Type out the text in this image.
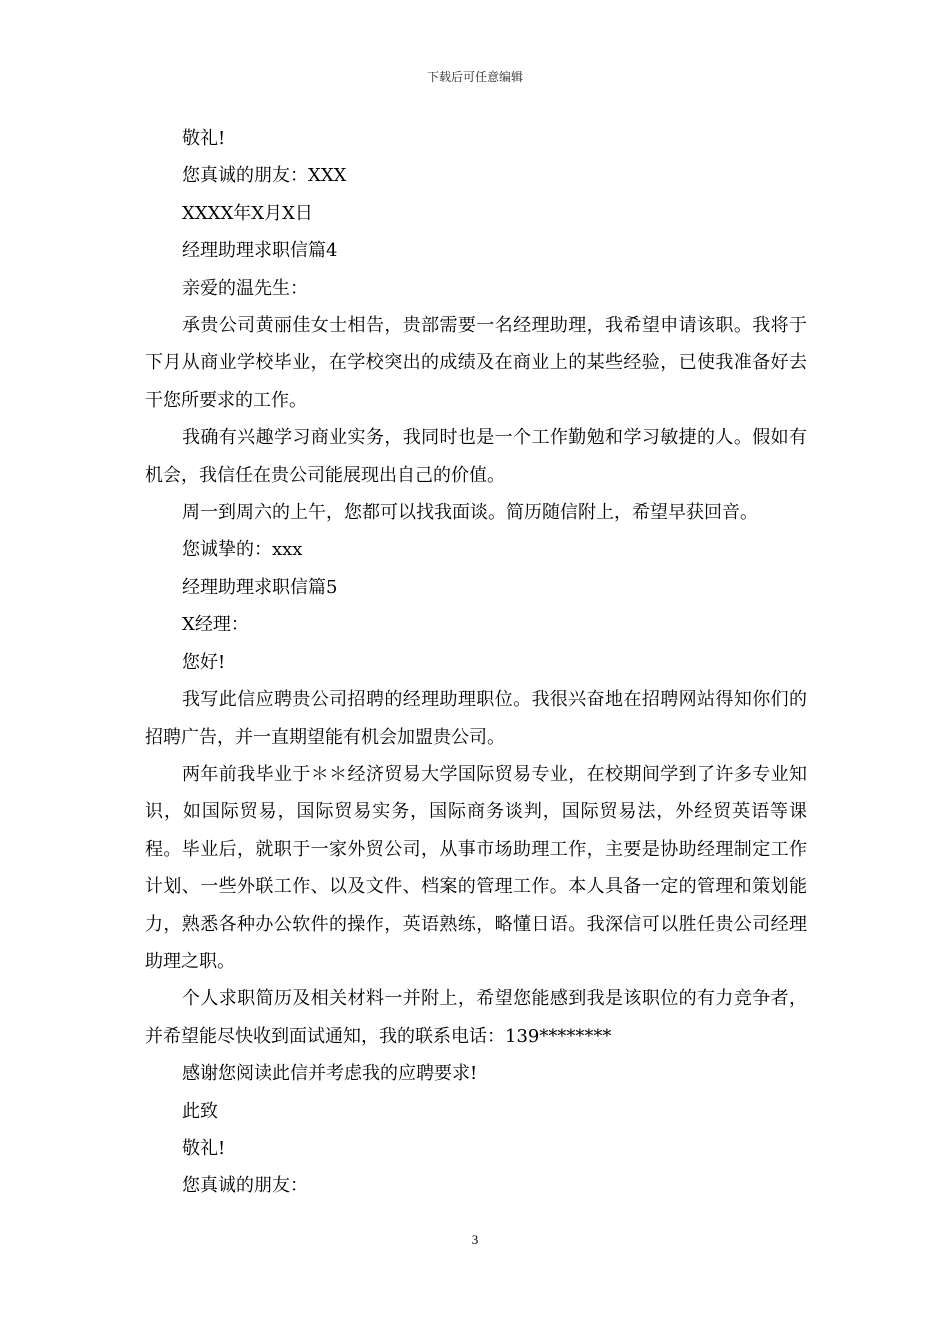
下载后可任意编辑

敬礼!

您真诚的朋友：XXX

XXXX年X月X日

经理助理求职信篇4

亲爱的温先生：

承贵公司黄丽佳女士相告，贵部需要一名经理助理，我希望申请该职。我将于下月从商业学校毕业，在学校突出的成绩及在商业上的某些经验，已使我准备好去干您所要求的工作。

我确有兴趣学习商业实务，我同时也是一个工作勤勉和学习敏捷的人。假如有机会，我信任在贵公司能展现出自己的价值。

周一到周六的上午，您都可以找我面谈。简历随信附上，希望早获回音。

您诚挚的：xxx

经理助理求职信篇5

X经理：

您好!

我写此信应聘贵公司招聘的经理助理职位。我很兴奋地在招聘网站得知你们的招聘广告，并一直期望能有机会加盟贵公司。

两年前我毕业于＊＊经济贸易大学国际贸易专业，在校期间学到了许多专业知识，如国际贸易，国际贸易实务，国际商务谈判，国际贸易法，外经贸英语等课程。毕业后，就职于一家外贸公司，从事市场助理工作，主要是协助经理制定工作计划、一些外联工作、以及文件、档案的管理工作。本人具备一定的管理和策划能力，熟悉各种办公软件的操作，英语熟练，略懂日语。我深信可以胜任贵公司经理助理之职。

个人求职简历及相关材料一并附上，希望您能感到我是该职位的有力竞争者，并希望能尽快收到面试通知，我的联系电话：139********

感谢您阅读此信并考虑我的应聘要求!

此致

敬礼!

您真诚的朋友：

3
